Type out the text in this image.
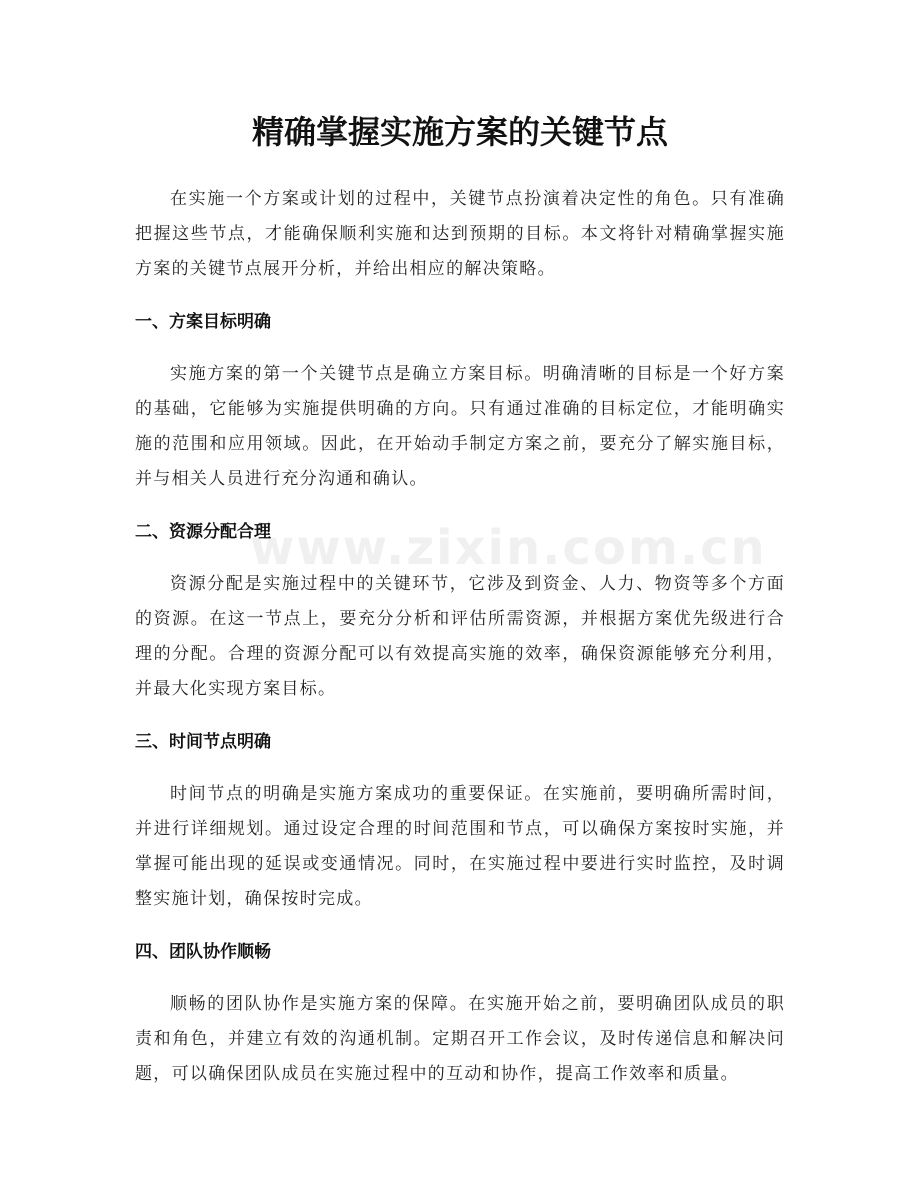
精确掌握实施方案的关键节点

在实施一个方案或计划的过程中，关键节点扮演着决定性的角色。只有准确把握这些节点，才能确保顺利实施和达到预期的目标。本文将针对精确掌握实施方案的关键节点展开分析，并给出相应的解决策略。

一、方案目标明确

实施方案的第一个关键节点是确立方案目标。明确清晰的目标是一个好方案的基础，它能够为实施提供明确的方向。只有通过准确的目标定位，才能明确实施的范围和应用领域。因此，在开始动手制定方案之前，要充分了解实施目标，并与相关人员进行充分沟通和确认。

二、资源分配合理

资源分配是实施过程中的关键环节，它涉及到资金、人力、物资等多个方面的资源。在这一节点上，要充分分析和评估所需资源，并根据方案优先级进行合理的分配。合理的资源分配可以有效提高实施的效率，确保资源能够充分利用，并最大化实现方案目标。

三、时间节点明确

时间节点的明确是实施方案成功的重要保证。在实施前，要明确所需时间，并进行详细规划。通过设定合理的时间范围和节点，可以确保方案按时实施，并掌握可能出现的延误或变通情况。同时，在实施过程中要进行实时监控，及时调整实施计划，确保按时完成。

四、团队协作顺畅

顺畅的团队协作是实施方案的保障。在实施开始之前，要明确团队成员的职责和角色，并建立有效的沟通机制。定期召开工作会议，及时传递信息和解决问题，可以确保团队成员在实施过程中的互动和协作，提高工作效率和质量。

www.zixin.com.cn
